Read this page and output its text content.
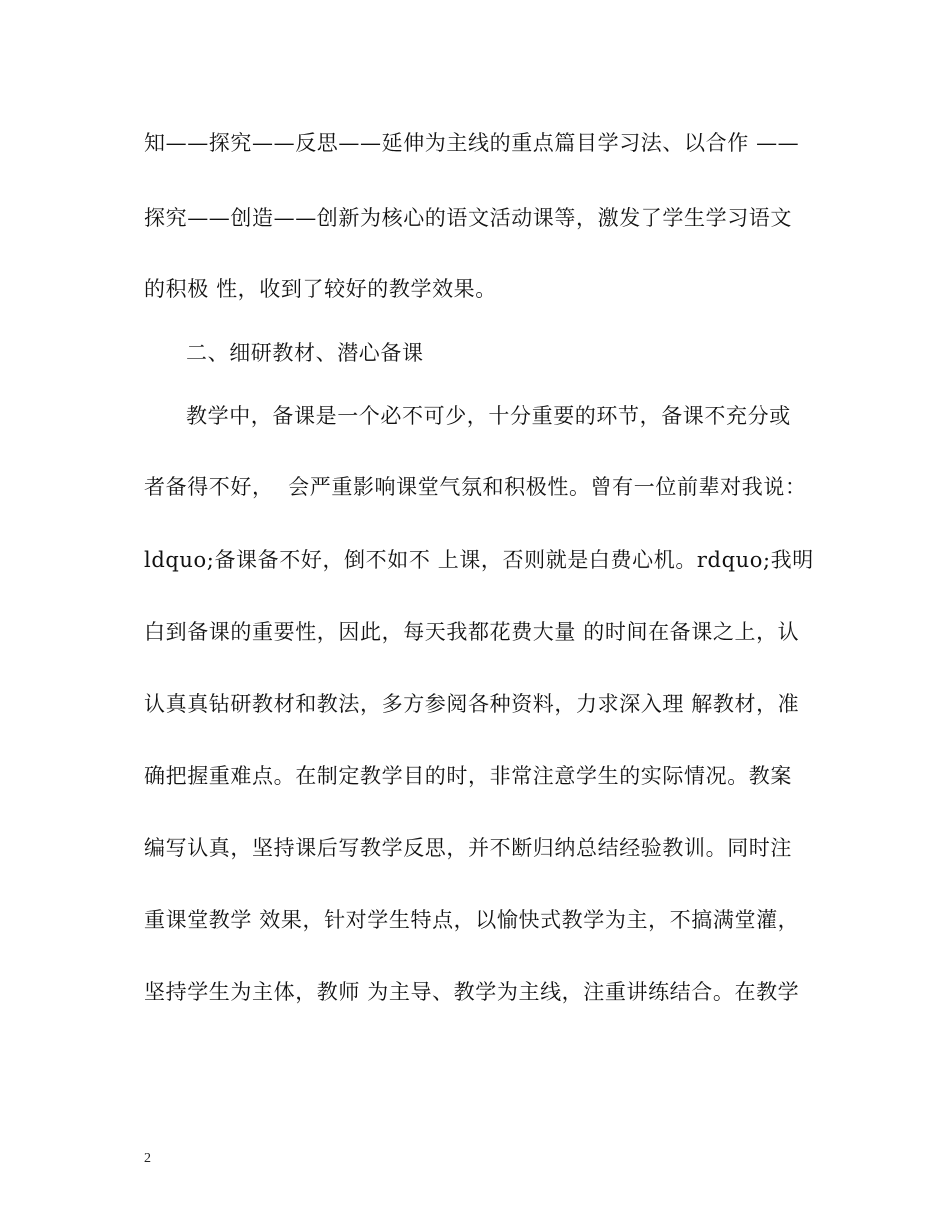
知——探究——反思——延伸为主线的重点篇目学习法、以合作 ——
探究——创造——创新为核心的语文活动课等，激发了学生学习语文
的积极 性，收到了较好的教学效果。
二、细研教材、潜心备课
教学中，备课是一个必不可少，十分重要的环节，备课不充分或
者备得不好，  会严重影响课堂气氛和积极性。曾有一位前辈对我说：
ldquo;备课备不好，倒不如不 上课，否则就是白费心机。rdquo;我明
白到备课的重要性，因此，每天我都花费大量 的时间在备课之上，认
认真真钻研教材和教法，多方参阅各种资料，力求深入理 解教材，准
确把握重难点。在制定教学目的时，非常注意学生的实际情况。教案
编写认真，坚持课后写教学反思，并不断归纳总结经验教训。同时注
重课堂教学 效果，针对学生特点，以愉快式教学为主，不搞满堂灌，
坚持学生为主体，教师 为主导、教学为主线，注重讲练结合。在教学
2
